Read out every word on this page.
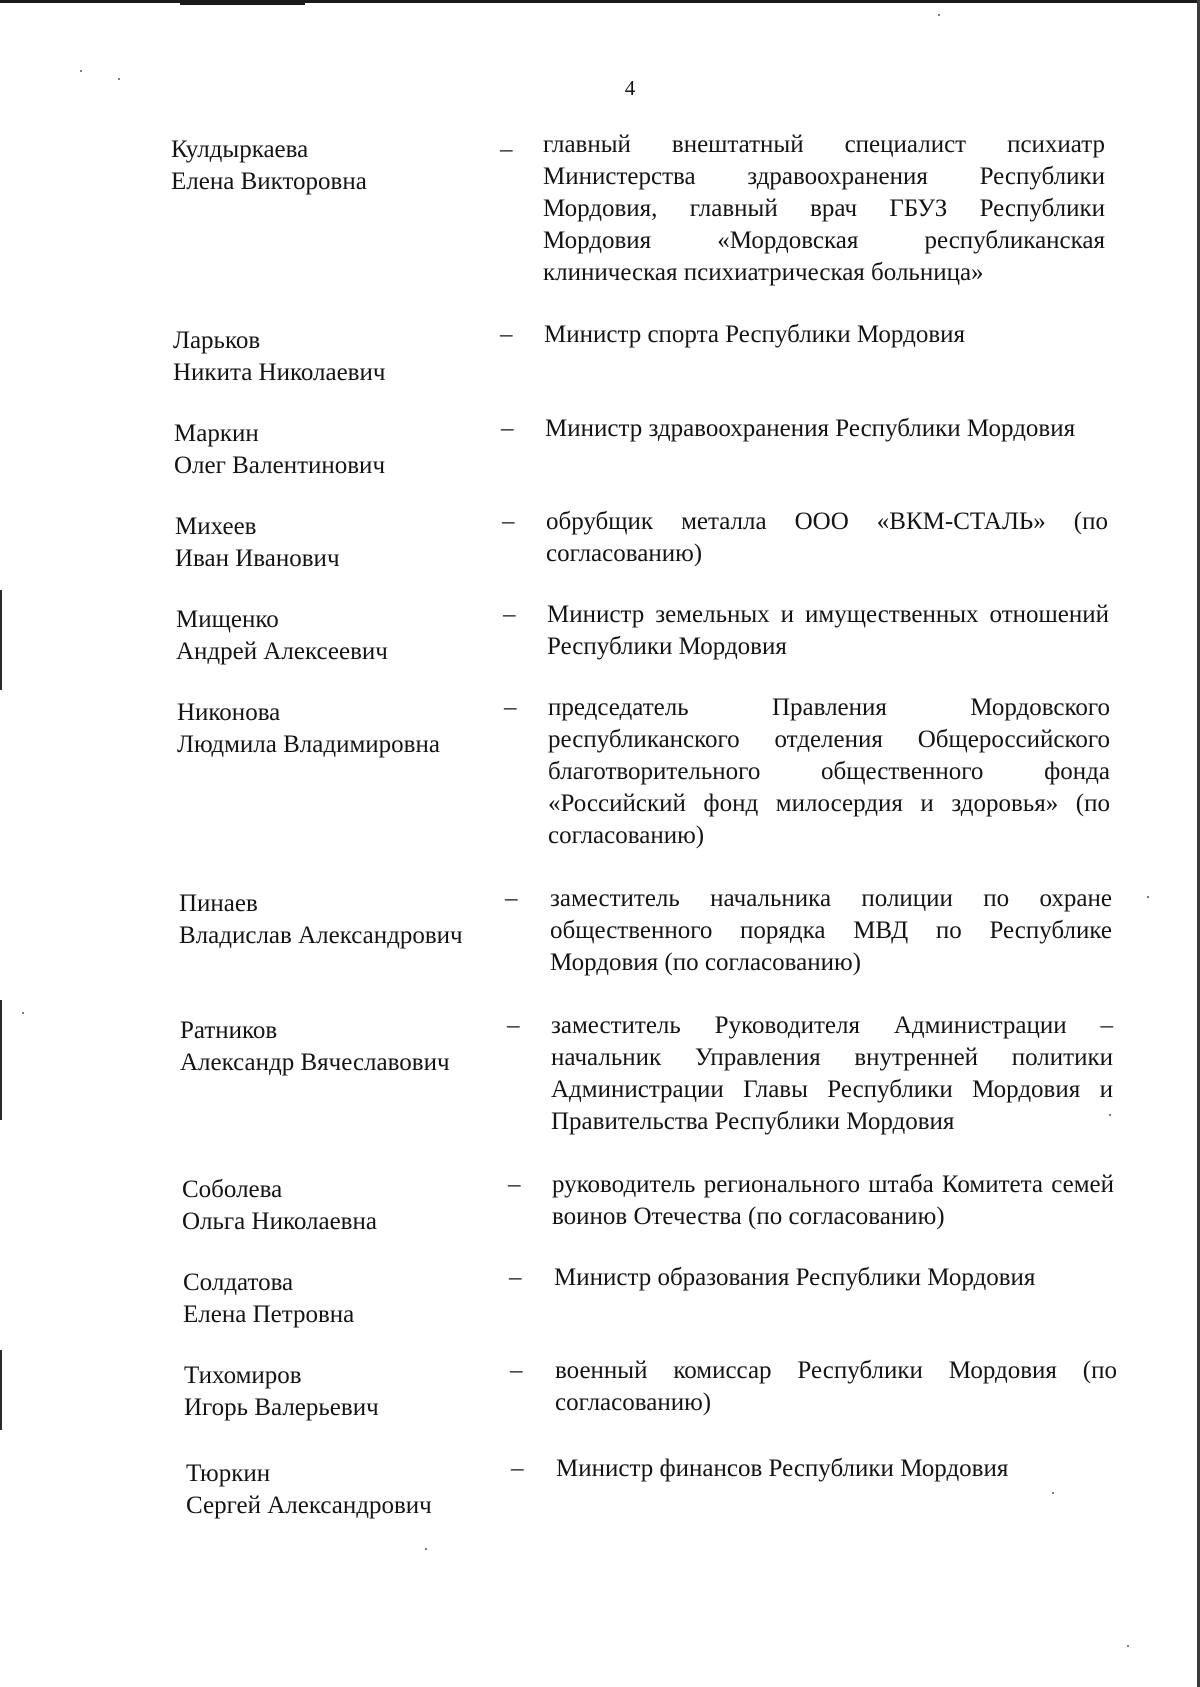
4
Кулдыркаева
Елена Викторовна
– главный внештатный специалист психиатр Министерства здравоохранения Республики Мордовия, главный врач ГБУЗ Республики Мордовия «Мордовская республиканская клиническая психиатрическая больница»
Ларьков
Никита Николаевич
– Министр спорта Республики Мордовия
Маркин
Олег Валентинович
– Министр здравоохранения Республики Мордовия
Михеев
Иван Иванович
– обрубщик металла ООО «ВКМ-СТАЛЬ» (по согласованию)
Мищенко
Андрей Алексеевич
– Министр земельных и имущественных отношений Республики Мордовия
Никонова
Людмила Владимировна
– председатель Правления Мордовского республиканского отделения Общероссийского благотворительного общественного фонда «Российский фонд милосердия и здоровья» (по согласованию)
Пинаев
Владислав Александрович
– заместитель начальника полиции по охране общественного порядка МВД по Республике Мордовия (по согласованию)
Ратников
Александр Вячеславович
– заместитель Руководителя Администрации – начальник Управления внутренней политики Администрации Главы Республики Мордовия и Правительства Республики Мордовия
Соболева
Ольга Николаевна
– руководитель регионального штаба Комитета семей воинов Отечества (по согласованию)
Солдатова
Елена Петровна
– Министр образования Республики Мордовия
Тихомиров
Игорь Валерьевич
– военный комиссар Республики Мордовия (по согласованию)
Тюркин
Сергей Александрович
– Министр финансов Республики Мордовия
